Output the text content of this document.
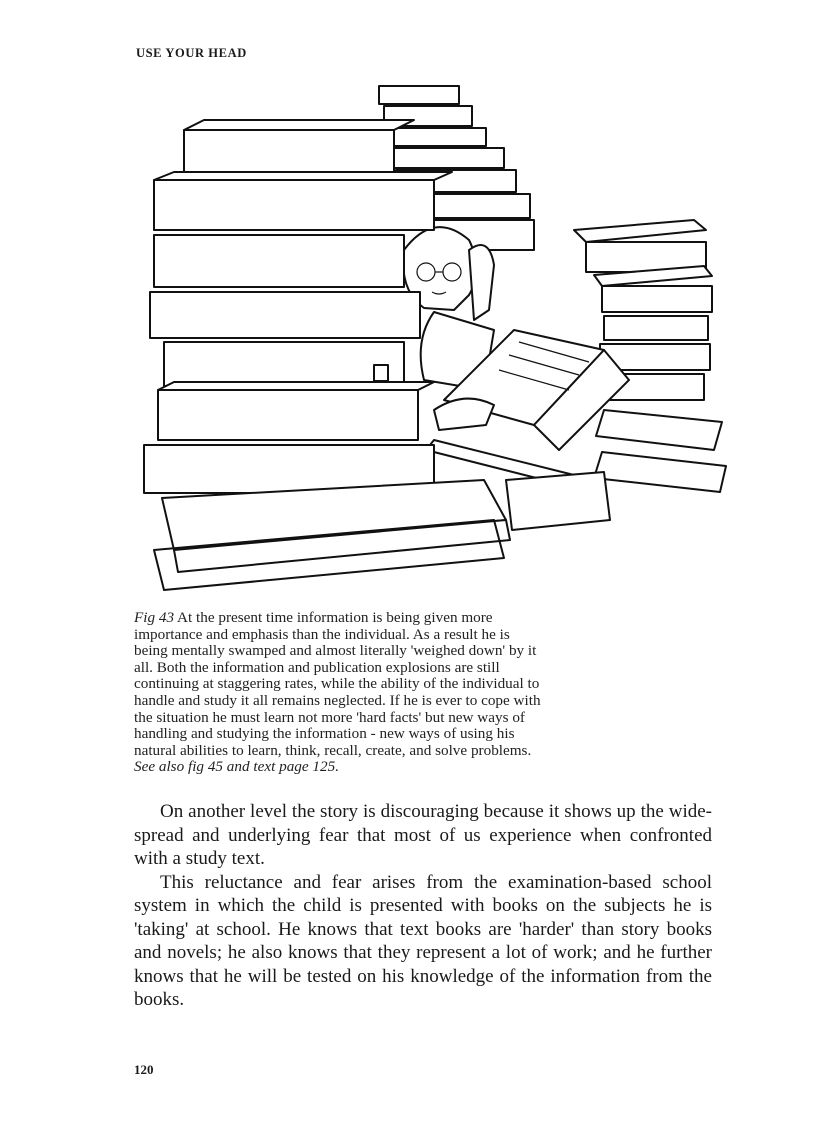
USE YOUR HEAD

Fig 43 At the present time information is being given more

importance and emphasis than the individual. As a result he is

being mentally swamped and almost literally 'weighed down' by it

all. Both the information and publication explosions are still

continuing at staggering rates, while the ability of the individual to

handle and study it all remains neglected. If he is ever to cope with

the situation he must learn not more 'hard facts' but new ways of

handling and studying the information - new ways of using his

natural abilities to learn, think, recall, create, and solve problems.

See also fig 45 and text page 125.

On another level the story is discouraging because it shows up the wide-spread and underlying fear that most of us experience when confronted with a study text.

This reluctance and fear arises from the examination-based school system in which the child is presented with books on the subjects he is 'taking' at school. He knows that text books are 'harder' than story books and novels; he also knows that they represent a lot of work; and he further knows that he will be tested on his knowledge of the information from the books.

120
